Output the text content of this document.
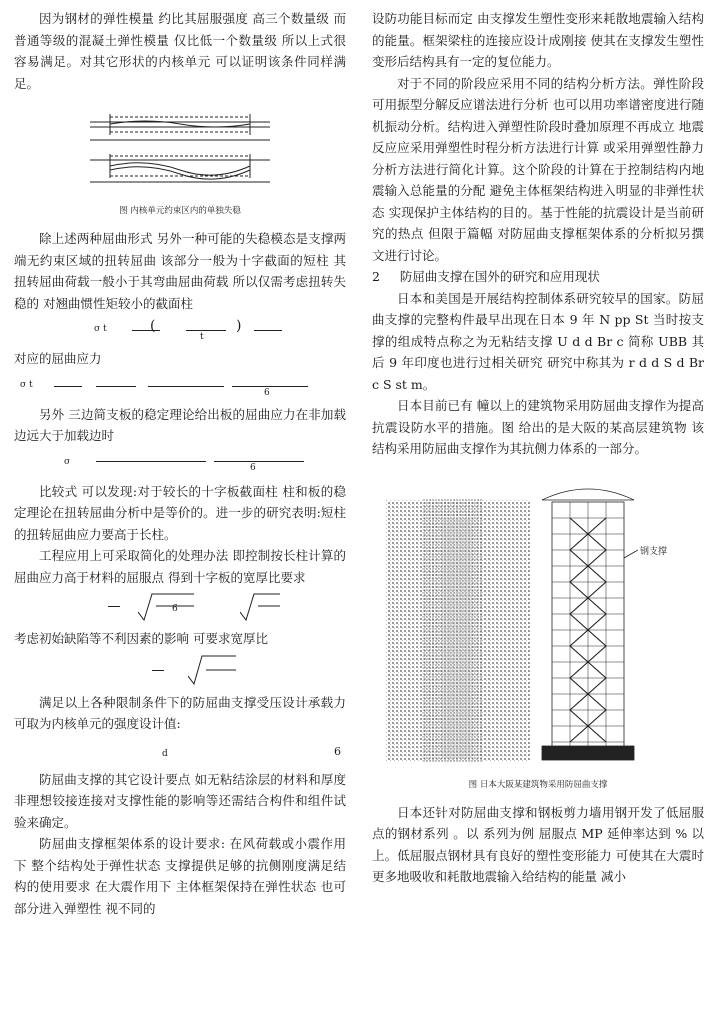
因为钢材的弹性模量 约比其屈服强度 高三个数量级 而普通等级的混凝土弹性模量 仅比低一个数量级 所以上式很容易满足。对其它形状的内核单元 可以证明该条件同样满足。

图 内核单元约束区内的单独失稳

除上述两种屈曲形式 另外一种可能的失稳模态是支撑两端无约束区域的扭转屈曲 该部分一般为十字截面的短柱 其扭转屈曲荷载一般小于其弯曲屈曲荷载 所以仅需考虑扭转失稳的 对翘曲惯性矩较小的截面柱

σ t	(
t
)

对应的屈曲应力

σ t
6

另外 三边简支板的稳定理论给出板的屈曲应力在非加载边远大于加载边时

σ
6

比较式 可以发现:对于较长的十字板截面柱 柱和板的稳定理论在扭转屈曲分析中是等价的。进一步的研究表明:短柱的扭转屈曲应力要高于长柱。

工程应用上可采取简化的处理办法 即控制按长柱计算的屈曲应力高于材料的屈服点 得到十字板的宽厚比要求

6

考虑初始缺陷等不利因素的影响 可要求宽厚比

满足以上各种限制条件下的防屈曲支撑受压设计承载力 可取为内核单元的强度设计值:

d	6

防屈曲支撑的其它设计要点 如无粘结涂层的材料和厚度 非理想铰接连接对支撑性能的影响等还需结合构件和组件试验来确定。

防屈曲支撑框架体系的设计要求: 在风荷载或小震作用下 整个结构处于弹性状态 支撑提供足够的抗侧刚度满足结构的使用要求 在大震作用下 主体框架保持在弹性状态 也可部分进入弹塑性 视不同的

设防功能目标而定 由支撑发生塑性变形来耗散地震输入结构的能量。框架梁柱的连接应设计成刚接 使其在支撑发生塑性变形后结构具有一定的复位能力。

对于不同的阶段应采用不同的结构分析方法。弹性阶段可用振型分解反应谱法进行分析 也可以用功率谱密度进行随机振动分析。结构进入弹塑性阶段时叠加原理不再成立 地震反应应采用弹塑性时程分析方法进行计算 或采用弹塑性静力分析方法进行简化计算。这个阶段的计算在于控制结构内地震输入总能量的分配 避免主体框架结构进入明显的非弹性状态 实现保护主体结构的目的。基于性能的抗震设计是当前研究的热点 但限于篇幅 对防屈曲支撑框架体系的分析拟另撰文进行讨论。

2 防屈曲支撑在国外的研究和应用现状

日本和美国是开展结构控制体系研究较早的国家。防屈曲支撑的完整构件最早出现在日本 9 年 N pp St 当时按支撑的组成特点称之为无粘结支撑 U d d Br c 简称 UBB 其后 9 年印度也进行过相关研究 研究中称其为 r d d S d Br c S st m。

日本目前已有 幢以上的建筑物采用防屈曲支撑作为提高抗震设防水平的措施。图 给出的是大阪的某高层建筑物 该结构采用防屈曲支撑作为其抗侧力体系的一部分。

钢支撑
图 日本大阪某建筑物采用防屈曲支撑

日本还针对防屈曲支撑和钢板剪力墙用钢开发了低屈服点的钢材系列 。以 系列为例 屈服点 MP 延伸率达到 % 以上。低屈服点钢材具有良好的塑性变形能力 可使其在大震时更多地吸收和耗散地震输入给结构的能量 减小
